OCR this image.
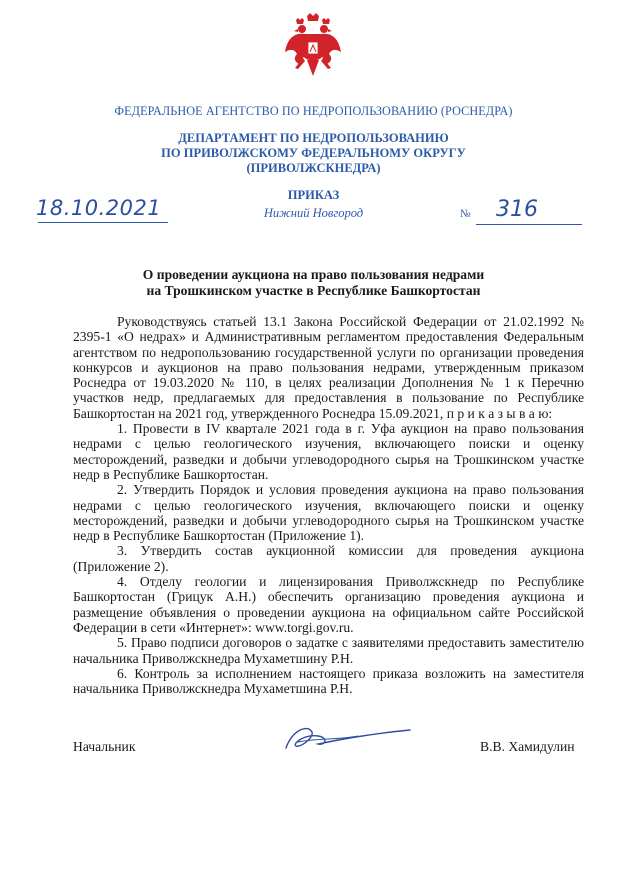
ФЕДЕРАЛЬНОЕ АГЕНТСТВО ПО НЕДРОПОЛЬЗОВАНИЮ (РОСНЕДРА)
ДЕПАРТАМЕНТ ПО НЕДРОПОЛЬЗОВАНИЮ
ПО ПРИВОЛЖСКОМУ ФЕДЕРАЛЬНОМУ ОКРУГУ
(ПРИВОЛЖСКНЕДРА)
ПРИКАЗ
18.10.2021	Нижний Новгород	№ 316
О проведении аукциона на право пользования недрами
на Трошкинском участке в Республике Башкортостан

Руководствуясь статьей 13.1 Закона Российской Федерации от 21.02.1992 № 2395-1 «О недрах» и Административным регламентом предоставления Федеральным агентством по недропользованию государственной услуги по организации проведения конкурсов и аукционов на право пользования недрами, утвержденным приказом Роснедра от 19.03.2020 № 110, в целях реализации Дополнения № 1 к Перечню участков недр, предлагаемых для предоставления в пользование по Республике Башкортостан на 2021 год, утвержденного Роснедра 15.09.2021, п р и к а з ы в а ю:

1. Провести в IV квартале 2021 года в г. Уфа аукцион на право пользования недрами с целью геологического изучения, включающего поиски и оценку месторождений, разведки и добычи углеводородного сырья на Трошкинском участке недр в Республике Башкортостан.

2. Утвердить Порядок и условия проведения аукциона на право пользования недрами с целью геологического изучения, включающего поиски и оценку месторождений, разведки и добычи углеводородного сырья на Трошкинском участке недр в Республике Башкортостан (Приложение 1).

3. Утвердить состав аукционной комиссии для проведения аукциона (Приложение 2).

4. Отделу геологии и лицензирования Приволжскнедр по Республике Башкортостан (Грицук А.Н.) обеспечить организацию проведения аукциона и размещение объявления о проведении аукциона на официальном сайте Российской Федерации в сети «Интернет»: www.torgi.gov.ru.

5. Право подписи договоров о задатке с заявителями предоставить заместителю начальника Приволжскнедра Мухаметшину Р.Н.

6. Контроль за исполнением настоящего приказа возложить на заместителя начальника Приволжскнедра Мухаметшина Р.Н.

Начальник	В.В. Хамидулин
